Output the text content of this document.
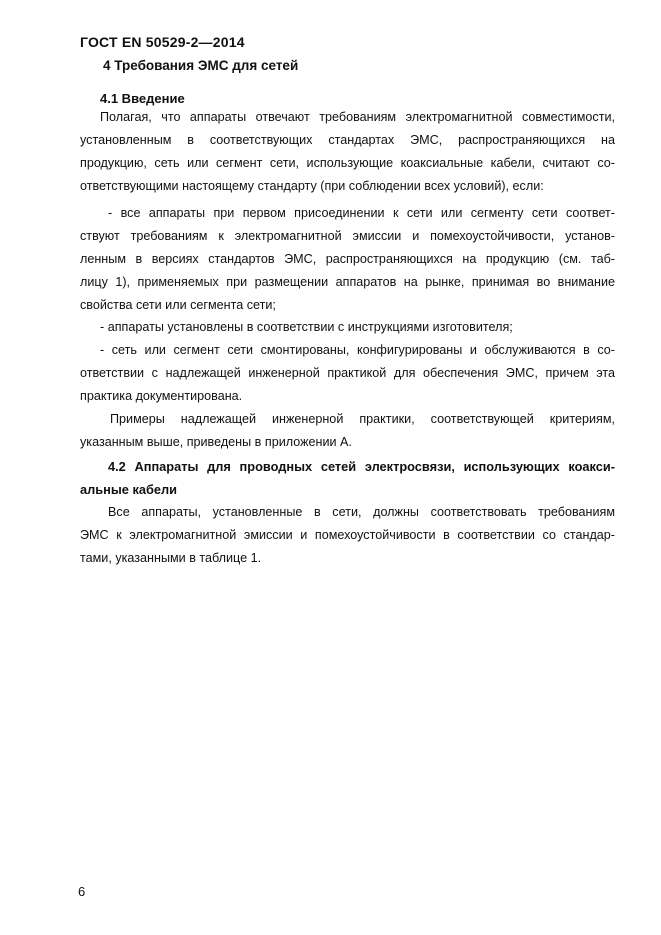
ГОСТ EN 50529-2—2014
4 Требования ЭМС для сетей
4.1 Введение
Полагая, что аппараты отвечают требованиям электромагнитной совместимости,
установленным в соответствующих стандартах ЭМС, распространяющихся на
продукцию, сеть или сегмент сети, использующие коаксиальные кабели, считают со-
ответствующими настоящему стандарту (при соблюдении всех условий), если:
- все аппараты при первом присоединении к сети или сегменту сети соответ-
ствуют требованиям к электромагнитной эмиссии и помехоустойчивости, установ-
ленным в версиях стандартов ЭМС, распространяющихся на продукцию (см. таб-
лицу 1), применяемых при размещении аппаратов на рынке, принимая во внимание
свойства сети или сегмента сети;
- аппараты установлены в соответствии с инструкциями изготовителя;
- сеть или сегмент сети смонтированы, конфигурированы и обслуживаются в со-
ответствии с надлежащей инженерной практикой для обеспечения ЭМС, причем эта
практика документирована.
Примеры надлежащей инженерной практики, соответствующей критериям,
указанным выше, приведены в приложении А.
4.2 Аппараты для проводных сетей электросвязи, использующих коакси-
альные кабели
Все аппараты, установленные в сети, должны соответствовать требованиям
ЭМС к электромагнитной эмиссии и помехоустойчивости в соответствии со стандар-
тами, указанными в таблице 1.
6
